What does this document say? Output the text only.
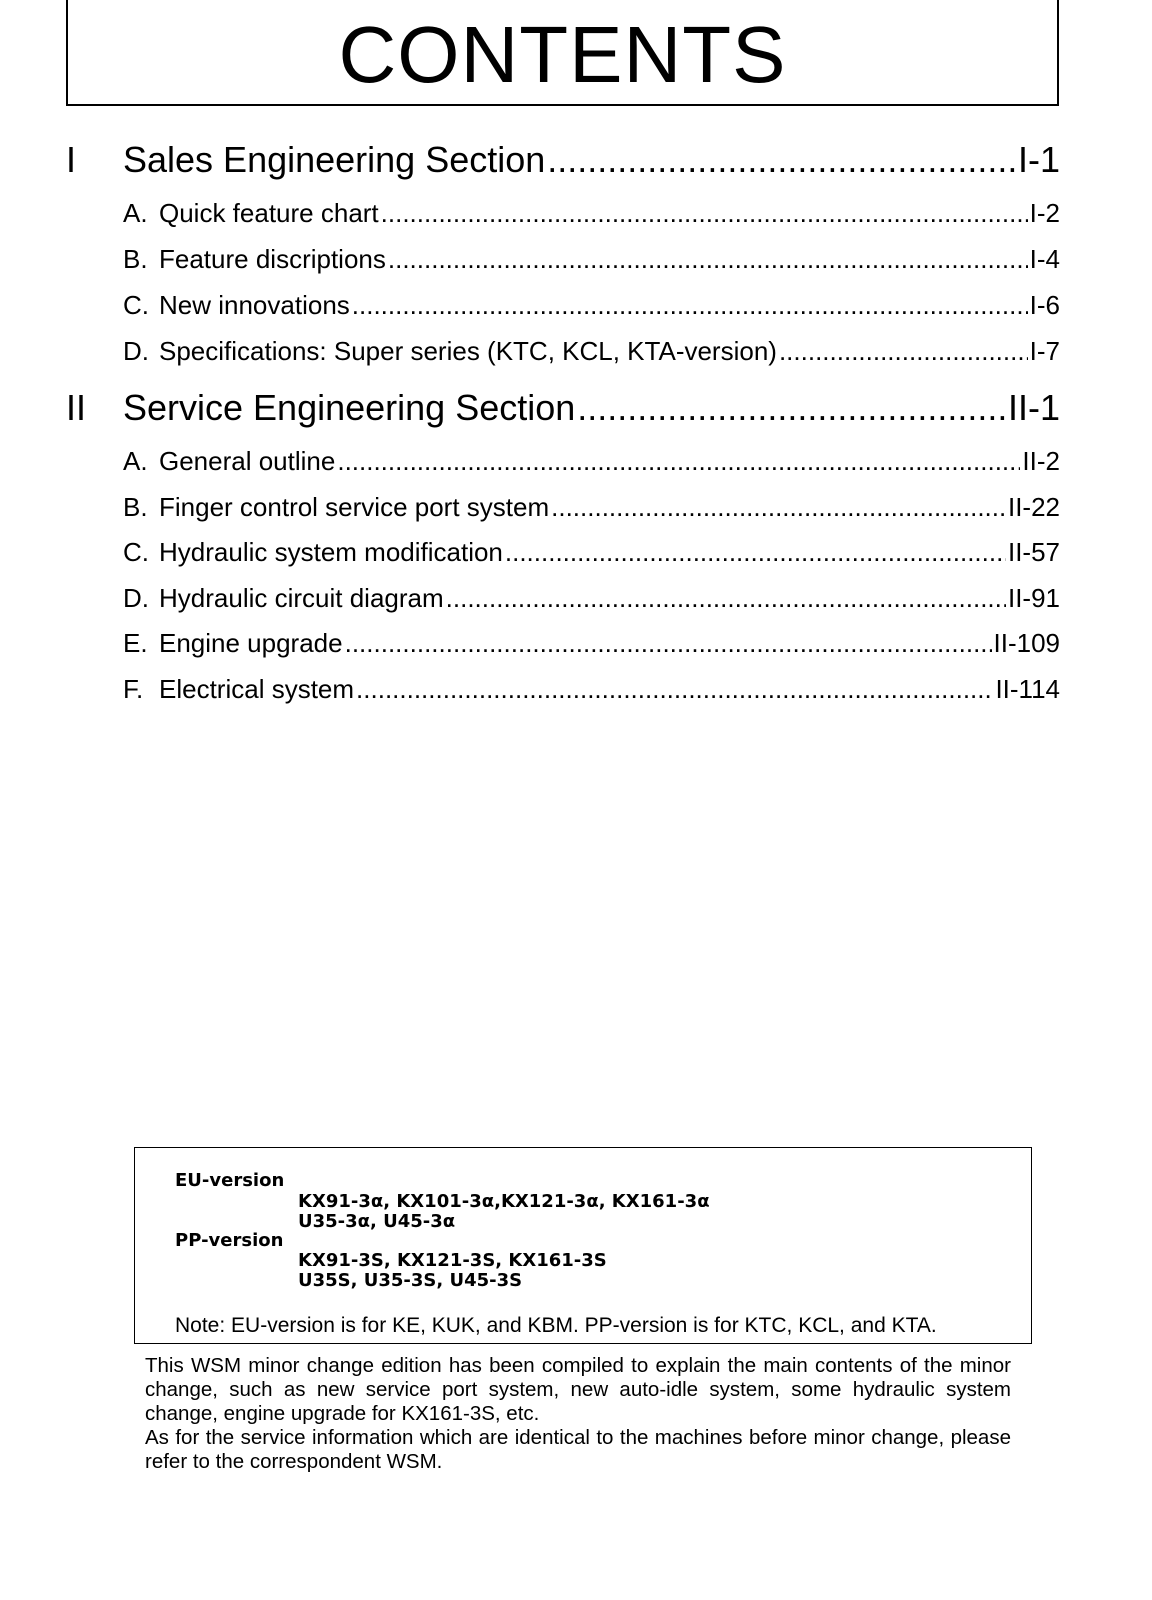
CONTENTS
I	Sales Engineering Section .....	I-1
A. Quick feature chart .....	I-2
B. Feature discriptions .....	I-4
C. New innovations .....	I-6
D. Specifications: Super series (KTC, KCL, KTA-version) .....	I-7
II	Service Engineering Section .....	II-1
A. General outline .....	II-2
B. Finger control service port system .....	II-22
C. Hydraulic system modification .....	II-57
D. Hydraulic circuit diagram .....	II-91
E. Engine upgrade .....	II-109
F. Electrical system .....	II-114
EU-version
KX91-3α, KX101-3α,KX121-3α, KX161-3α
U35-3α, U45-3α
PP-version
KX91-3S, KX121-3S, KX161-3S
U35S, U35-3S, U45-3S
Note: EU-version is for KE, KUK, and KBM. PP-version is for KTC, KCL, and KTA.

This WSM minor change edition has been compiled to explain the main contents of the minor change, such as new service port system, new auto-idle system, some hydraulic system change, engine upgrade for KX161-3S, etc.

As for the service information which are identical to the machines before minor change, please refer to the correspondent WSM.
